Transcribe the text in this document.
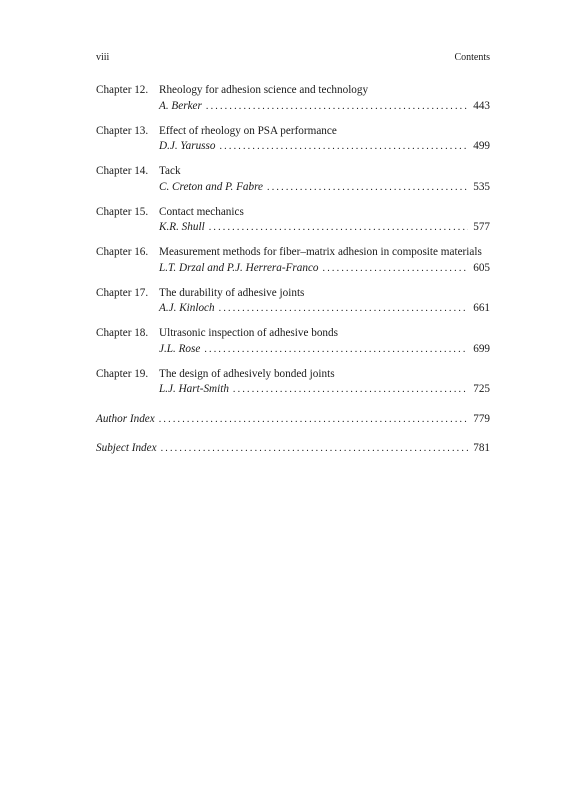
viii	Contents
Chapter 12. Rheology for adhesion science and technology
A. Berker .....	443
Chapter 13. Effect of rheology on PSA performance
D.J. Yarusso .....	499
Chapter 14. Tack
C. Creton and P. Fabre .....	535
Chapter 15. Contact mechanics
K.R. Shull .....	577
Chapter 16. Measurement methods for fiber–matrix adhesion in composite materials
L.T. Drzal and P.J. Herrera-Franco .....	605
Chapter 17. The durability of adhesive joints
A.J. Kinloch .....	661
Chapter 18. Ultrasonic inspection of adhesive bonds
J.L. Rose .....	699
Chapter 19. The design of adhesively bonded joints
L.J. Hart-Smith .....	725
Author Index .....	779
Subject Index .....	781
